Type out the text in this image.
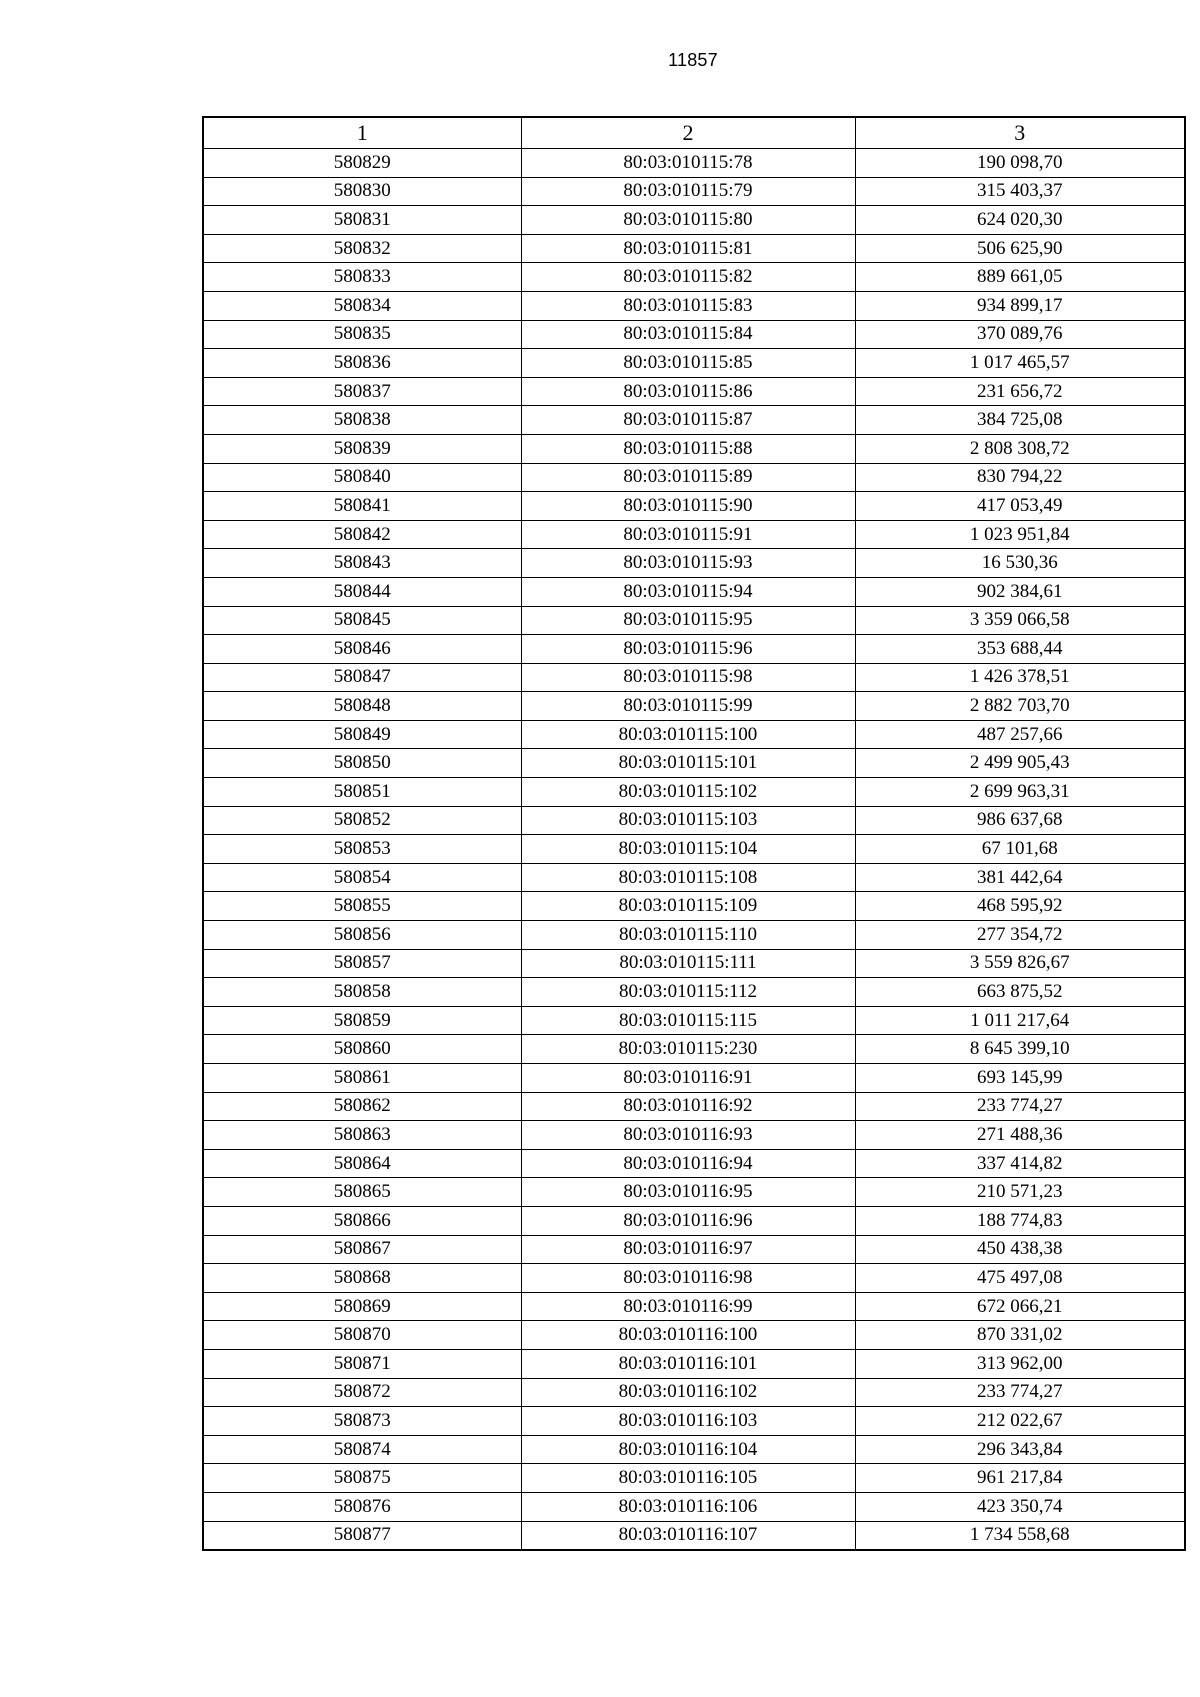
11857
1	2	3
580829	80:03:010115:78	190 098,70
580830	80:03:010115:79	315 403,37
580831	80:03:010115:80	624 020,30
580832	80:03:010115:81	506 625,90
580833	80:03:010115:82	889 661,05
580834	80:03:010115:83	934 899,17
580835	80:03:010115:84	370 089,76
580836	80:03:010115:85	1 017 465,57
580837	80:03:010115:86	231 656,72
580838	80:03:010115:87	384 725,08
580839	80:03:010115:88	2 808 308,72
580840	80:03:010115:89	830 794,22
580841	80:03:010115:90	417 053,49
580842	80:03:010115:91	1 023 951,84
580843	80:03:010115:93	16 530,36
580844	80:03:010115:94	902 384,61
580845	80:03:010115:95	3 359 066,58
580846	80:03:010115:96	353 688,44
580847	80:03:010115:98	1 426 378,51
580848	80:03:010115:99	2 882 703,70
580849	80:03:010115:100	487 257,66
580850	80:03:010115:101	2 499 905,43
580851	80:03:010115:102	2 699 963,31
580852	80:03:010115:103	986 637,68
580853	80:03:010115:104	67 101,68
580854	80:03:010115:108	381 442,64
580855	80:03:010115:109	468 595,92
580856	80:03:010115:110	277 354,72
580857	80:03:010115:111	3 559 826,67
580858	80:03:010115:112	663 875,52
580859	80:03:010115:115	1 011 217,64
580860	80:03:010115:230	8 645 399,10
580861	80:03:010116:91	693 145,99
580862	80:03:010116:92	233 774,27
580863	80:03:010116:93	271 488,36
580864	80:03:010116:94	337 414,82
580865	80:03:010116:95	210 571,23
580866	80:03:010116:96	188 774,83
580867	80:03:010116:97	450 438,38
580868	80:03:010116:98	475 497,08
580869	80:03:010116:99	672 066,21
580870	80:03:010116:100	870 331,02
580871	80:03:010116:101	313 962,00
580872	80:03:010116:102	233 774,27
580873	80:03:010116:103	212 022,67
580874	80:03:010116:104	296 343,84
580875	80:03:010116:105	961 217,84
580876	80:03:010116:106	423 350,74
580877	80:03:010116:107	1 734 558,68
